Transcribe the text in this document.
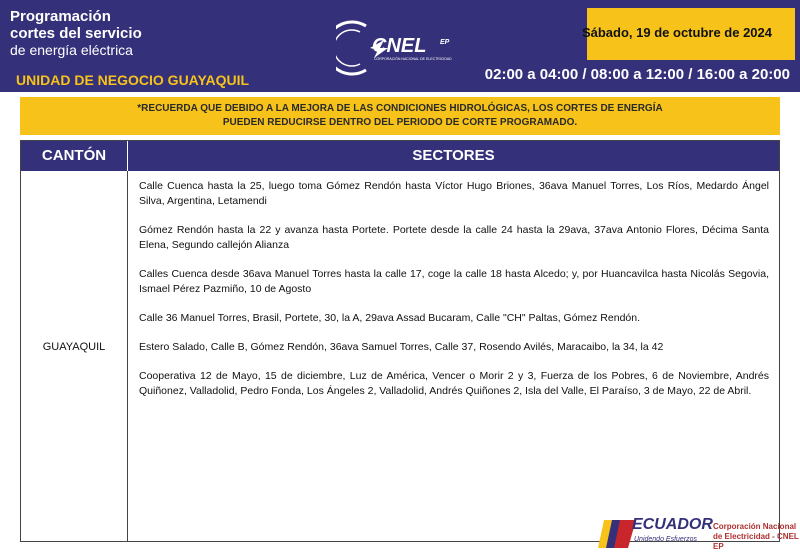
Programación
cortes del servicio
de energía eléctrica
UNIDAD DE NEGOCIO GUAYAQUIL
CNEL EP
CORPORACIÓN NACIONAL DE ELECTRICIDAD
Sábado, 19 de octubre de 2024
02:00 a 04:00 / 08:00 a 12:00 / 16:00 a 20:00
*RECUERDA QUE DEBIDO A LA MEJORA DE LAS CONDICIONES HIDROLÓGICAS, LOS CORTES DE ENERGÍA
PUEDEN REDUCIRSE DENTRO DEL PERIODO DE CORTE PROGRAMADO.
CANTÓN	SECTORES
GUAYAQUIL

Calle Cuenca hasta la 25, luego toma Gómez Rendón hasta Víctor Hugo Briones, 36ava Manuel Torres, Los Ríos, Medardo Ángel Silva, Argentina, Letamendi

Gómez Rendón hasta la 22 y avanza hasta Portete. Portete desde la calle 24 hasta la 29ava, 37ava Antonio Flores, Décima Santa Elena, Segundo callejón Alianza

Calles Cuenca desde 36ava Manuel Torres hasta la calle 17, coge la calle 18 hasta Alcedo; y, por Huancavilca hasta Nicolás Segovia, Ismael Pérez Pazmiño, 10 de Agosto

Calle 36 Manuel Torres, Brasil, Portete, 30, la A, 29ava Assad Bucaram, Calle "CH" Paltas, Gómez Rendón.

Estero Salado, Calle B, Gómez Rendón, 36ava Samuel Torres, Calle 37, Rosendo Avilés, Maracaibo, la 34, la 42

Cooperativa 12 de Mayo, 15 de diciembre, Luz de América, Vencer o Morir 2 y 3, Fuerza de los Pobres, 6 de Noviembre, Andrés Quiñonez, Valladolid, Pedro Fonda, Los Ángeles 2, Valladolid, Andrés Quiñones 2, Isla del Valle, El Paraíso, 3 de Mayo, 22 de Abril.

ECUADOR
Unidendo Esfuerzos
Corporación Nacional
de Electricidad - CNEL EP
